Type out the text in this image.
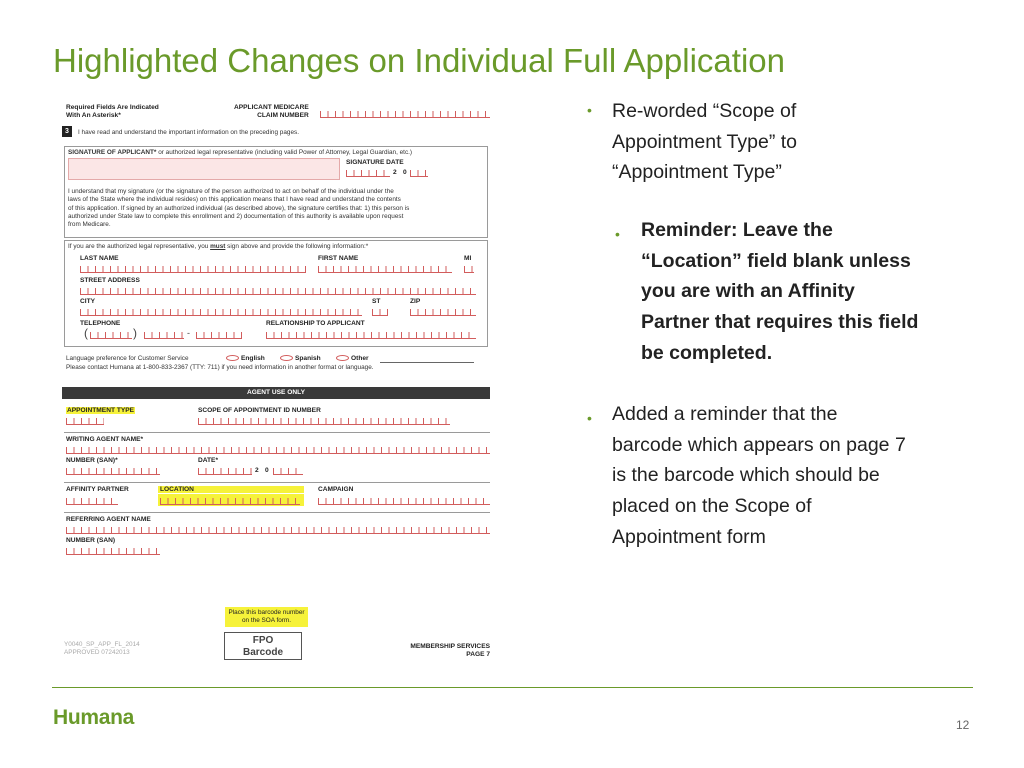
Highlighted Changes on Individual Full Application
Required Fields Are Indicated
With An Asterisk*
APPLICANT MEDICARE
CLAIM NUMBER
3	I have read and understand the important information on the preceding pages.
SIGNATURE OF APPLICANT* or authorized legal representative (including valid Power of Attorney, Legal Guardian, etc.)
SIGNATURE DATE
2 0
I understand that my signature (or the signature of the person authorized to act on behalf of the individual under the
laws of the State where the individual resides) on this application means that I have read and understand the contents
of this application. If signed by an authorized individual (as described above), the signature certifies that: 1) this person is
authorized under State law to complete this enrollment and 2) documentation of this authority is available upon request
from Medicare.
If you are the authorized legal representative, you must sign above and provide the following information:*
LAST NAME	FIRST NAME	MI
STREET ADDRESS
CITY	ST	ZIP
TELEPHONE	RELATIONSHIP TO APPLICANT
(	)	-
Language preference for Customer Service	English	Spanish	Other
Please contact Humana at 1-800-833-2367 (TTY: 711) if you need information in another format or language.
AGENT USE ONLY
APPOINTMENT TYPE	SCOPE OF APPOINTMENT ID NUMBER
WRITING AGENT NAME*
NUMBER (SAN)*	DATE*
2 0
AFFINITY PARTNER	LOCATION	CAMPAIGN
REFERRING AGENT NAME
NUMBER (SAN)
Place this barcode number
on the SOA form.
FPO
Barcode
Y0040_SP_APP_FL_2014
APPROVED 07242013
MEMBERSHIP SERVICES
PAGE 7
• Re-worded “Scope of
Appointment Type” to
“Appointment Type”
• Reminder: Leave the
“Location” field blank unless
you are with an Affinity
Partner that requires this field
be completed.
• Added a reminder that the
barcode which appears on page 7
is the barcode which should be
placed on the Scope of
Appointment form
Humana	12
